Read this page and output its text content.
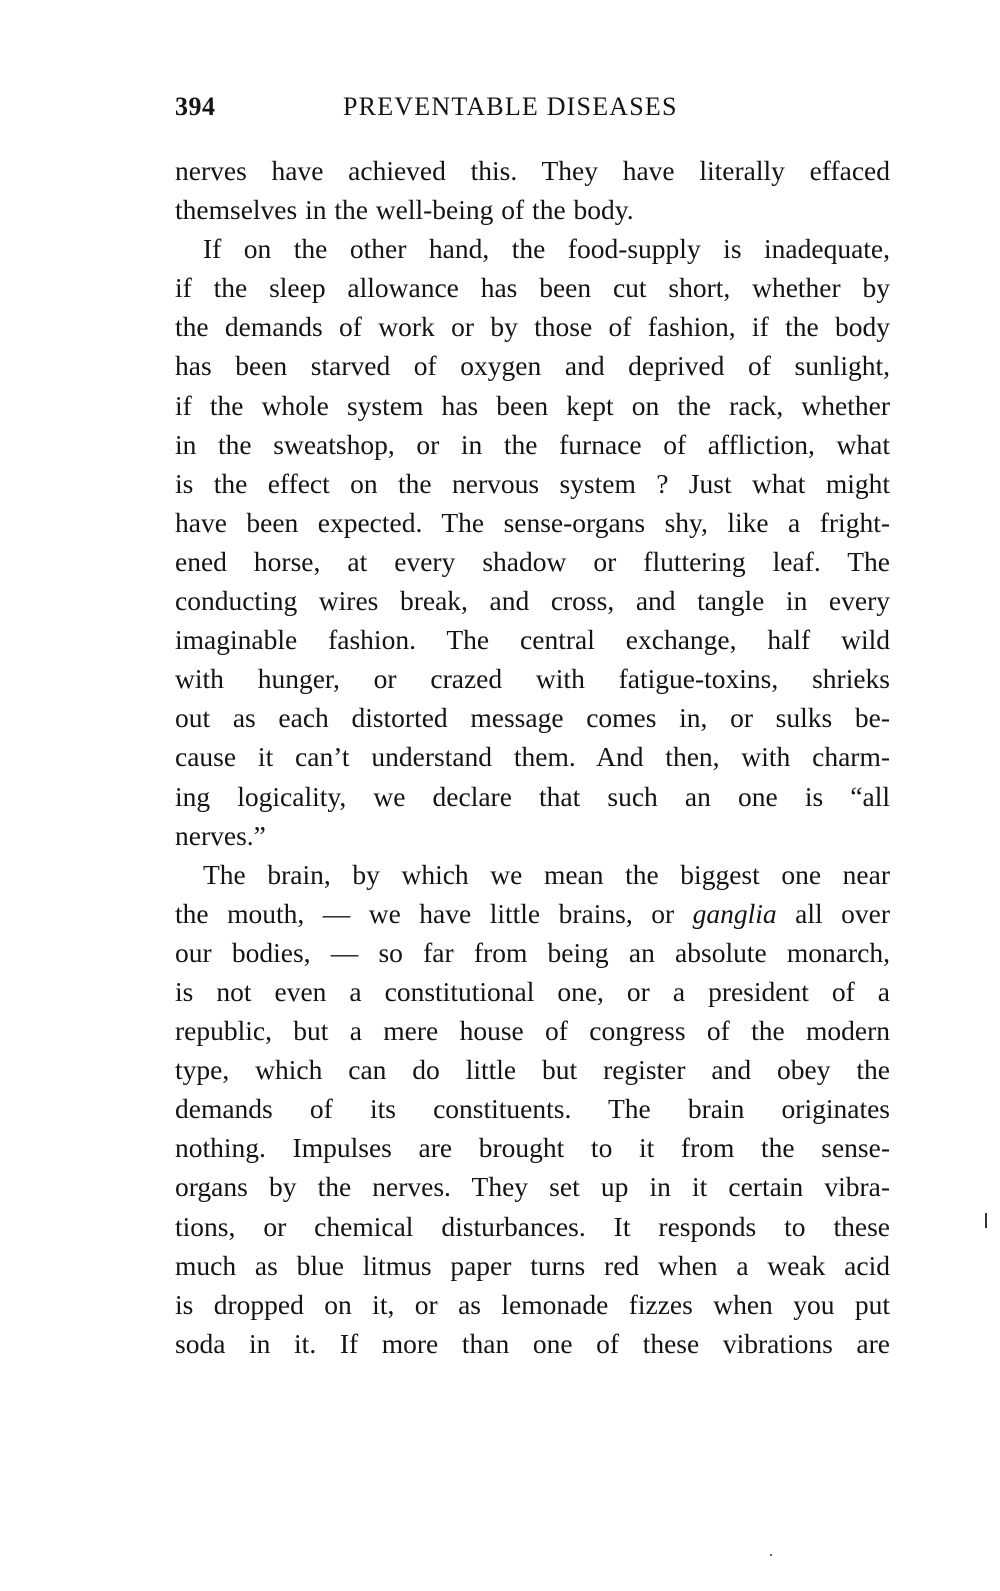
394	PREVENTABLE DISEASES
nerves have achieved this. They have literally effaced
themselves in the well-being of the body.
If on the other hand, the food-supply is inadequate,
if the sleep allowance has been cut short, whether by
the demands of work or by those of fashion, if the body
has been starved of oxygen and deprived of sunlight,
if the whole system has been kept on the rack, whether
in the sweatshop, or in the furnace of affliction, what
is the effect on the nervous system ? Just what might
have been expected. The sense-organs shy, like a fright-
ened horse, at every shadow or fluttering leaf. The
conducting wires break, and cross, and tangle in every
imaginable fashion. The central exchange, half wild
with hunger, or crazed with fatigue-toxins, shrieks
out as each distorted message comes in, or sulks be-
cause it can’t understand them. And then, with charm-
ing logicality, we declare that such an one is “all
nerves.”
The brain, by which we mean the biggest one near
the mouth, — we have little brains, or ganglia all over
our bodies, — so far from being an absolute monarch,
is not even a constitutional one, or a president of a
republic, but a mere house of congress of the modern
type, which can do little but register and obey the
demands of its constituents. The brain originates
nothing. Impulses are brought to it from the sense-
organs by the nerves. They set up in it certain vibra-
tions, or chemical disturbances. It responds to these
much as blue litmus paper turns red when a weak acid
is dropped on it, or as lemonade fizzes when you put
soda in it. If more than one of these vibrations are
